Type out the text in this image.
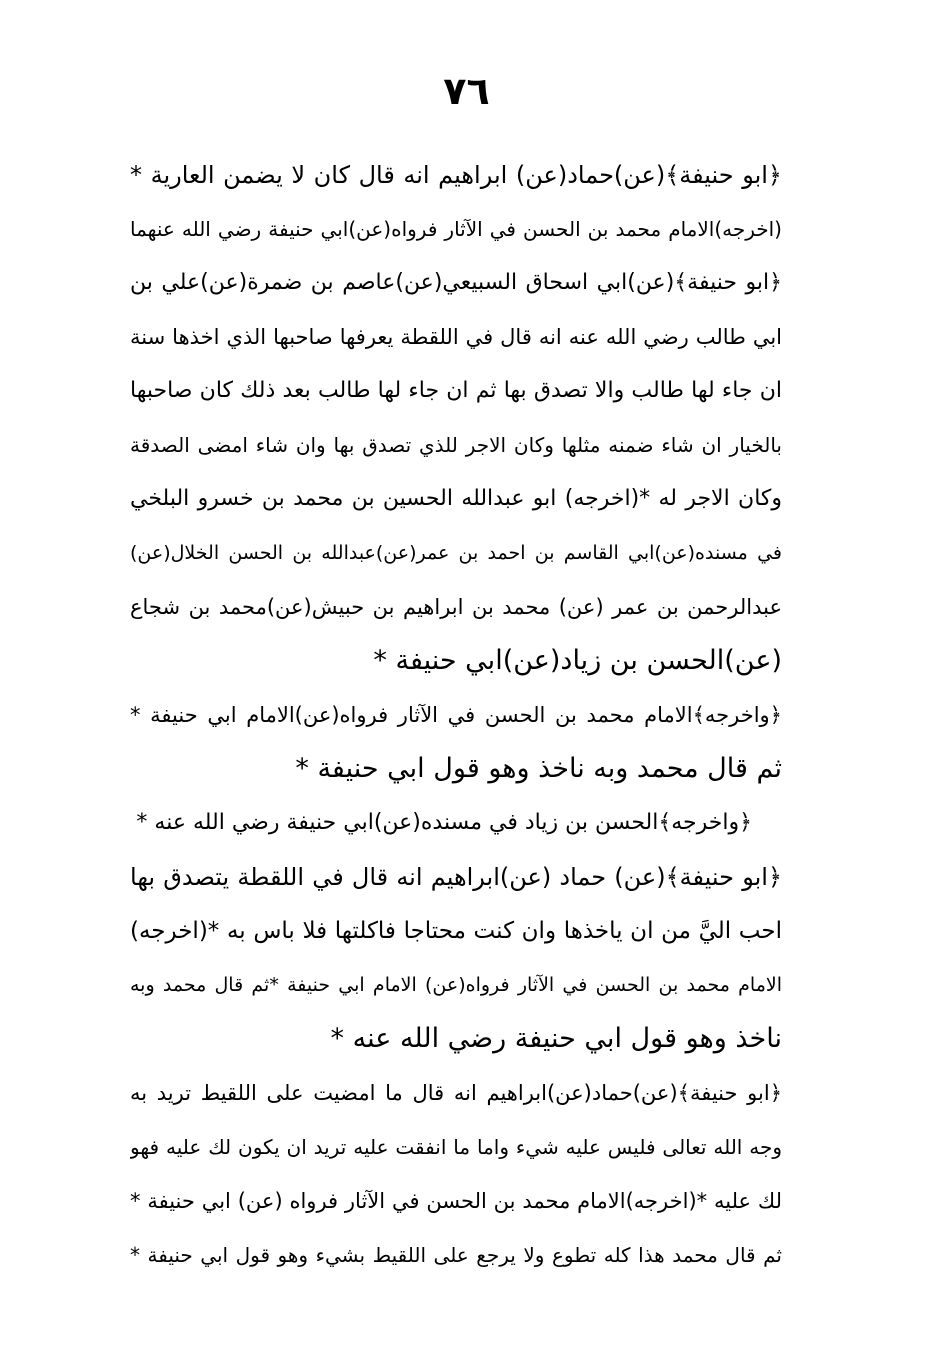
٧٦
﴿ابو حنيفة﴾(عن)حماد(عن) ابراهيم انه قال كان لا يضمن العارية *
(اخرجه)الامام محمد بن الحسن في الآثار فرواه(عن)ابي حنيفة رضي الله عنهما
﴿ابو حنيفة﴾(عن)ابي اسحاق السبيعي(عن)عاصم بن ضمرة(عن)علي بن
ابي طالب رضي الله عنه انه قال في اللقطة يعرفها صاحبها الذي اخذها سنة
ان جاء لها طالب والا تصدق بها ثم ان جاء لها طالب بعد ذلك كان صاحبها
بالخيار ان شاء ضمنه مثلها وكان الاجر للذي تصدق بها وان شاء امضى الصدقة
وكان الاجر له *(اخرجه) ابو عبدالله الحسين بن محمد بن خسرو البلخي
في مسنده(عن)ابي القاسم بن احمد بن عمر(عن)عبدالله بن الحسن الخلال(عن)
عبدالرحمن بن عمر (عن) محمد بن ابراهيم بن حبيش(عن)محمد بن شجاع
(عن)الحسن بن زياد(عن)ابي حنيفة *
﴿واخرجه﴾الامام محمد بن الحسن في الآثار فرواه(عن)الامام ابي حنيفة *
ثم قال محمد وبه ناخذ وهو قول ابي حنيفة *
﴿واخرجه﴾الحسن بن زياد في مسنده(عن)ابي حنيفة رضي الله عنه *
﴿ابو حنيفة﴾(عن) حماد (عن)ابراهيم انه قال في اللقطة يتصدق بها
احب اليَّ من ان ياخذها وان كنت محتاجا فاكلتها فلا باس به *(اخرجه)
الامام محمد بن الحسن في الآثار فرواه(عن) الامام ابي حنيفة *ثم قال محمد وبه
ناخذ وهو قول ابي حنيفة رضي الله عنه *
﴿ابو حنيفة﴾(عن)حماد(عن)ابراهيم انه قال ما امضيت على اللقيط تريد به
وجه الله تعالى فليس عليه شيء واما ما انفقت عليه تريد ان يكون لك عليه فهو
لك عليه *(اخرجه)الامام محمد بن الحسن في الآثار فرواه (عن) ابي حنيفة *
ثم قال محمد هذا كله تطوع ولا يرجع على اللقيط بشيء وهو قول ابي حنيفة *
